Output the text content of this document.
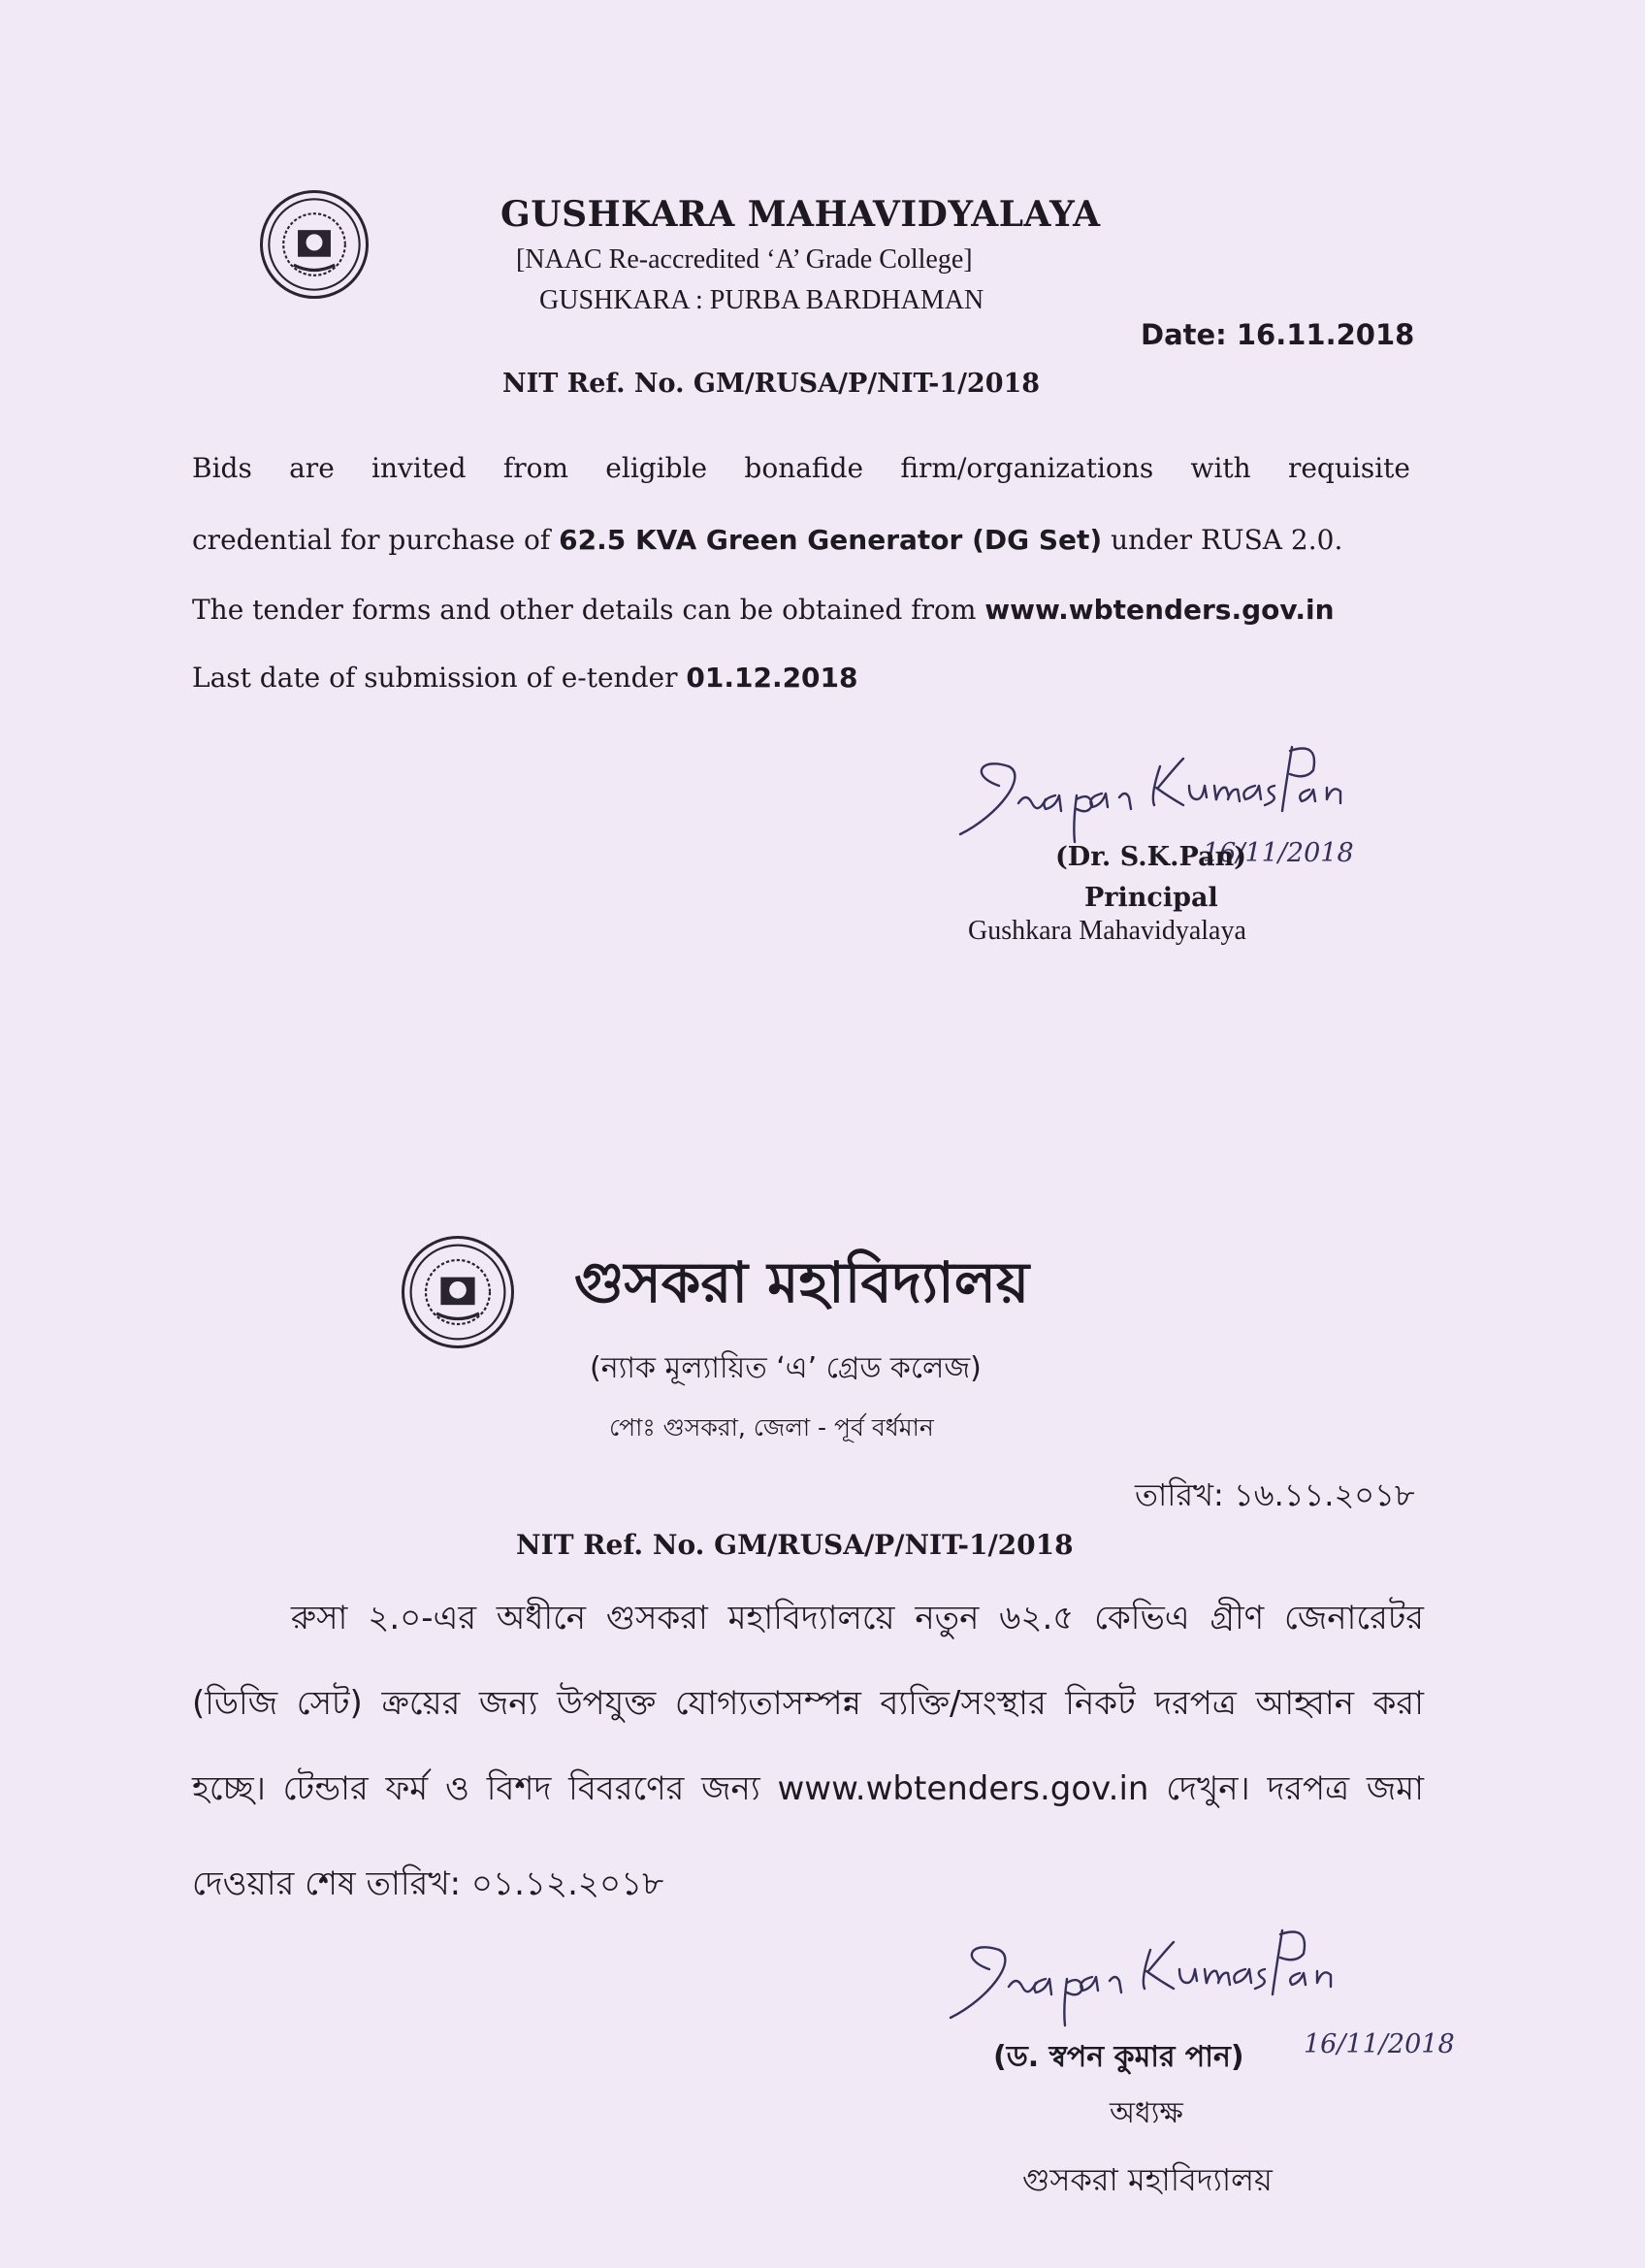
GUSHKARA MAHAVIDYALAYA
[NAAC Re-accredited ‘A’ Grade College]
GUSHKARA : PURBA BARDHAMAN
Date: 16.11.2018
NIT Ref. No. GM/RUSA/P/NIT-1/2018
Bids are invited from eligible bonafide firm/organizations with requisite
credential for purchase of 62.5 KVA Green Generator (DG Set) under RUSA 2.0.
The tender forms and other details can be obtained from www.wbtenders.gov.in
Last date of submission of e-tender 01.12.2018
16/11/2018
(Dr. S.K.Pan)
Principal
Gushkara Mahavidyalaya
গুসকরা মহাবিদ্যালয়
(ন্যাক মূল্যায়িত ‘এ’ গ্রেড কলেজ)
পোঃ গুসকরা, জেলা - পূর্ব বর্ধমান
তারিখ: ১৬.১১.২০১৮
NIT Ref. No. GM/RUSA/P/NIT-1/2018
রুসা ২.০-এর অধীনে গুসকরা মহাবিদ্যালয়ে নতুন ৬২.৫ কেভিএ গ্রীণ জেনারেটর
(ডিজি সেট) ক্রয়ের জন্য উপযুক্ত যোগ্যতাসম্পন্ন ব্যক্তি/সংস্থার নিকট দরপত্র আহ্বান করা
হচ্ছে। টেন্ডার ফর্ম ও বিশদ বিবরণের জন্য www.wbtenders.gov.in দেখুন। দরপত্র জমা
দেওয়ার শেষ তারিখ: ০১.১২.২০১৮
16/11/2018
(ড. স্বপন কুমার পান)
অধ্যক্ষ
গুসকরা মহাবিদ্যালয়
